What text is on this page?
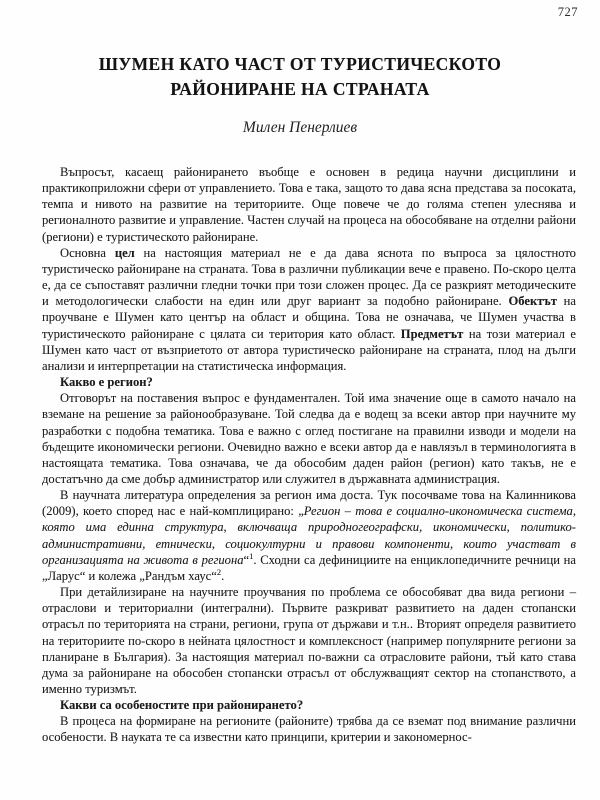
727
ШУМЕН КАТО ЧАСТ ОТ ТУРИСТИЧЕСКОТО РАЙОНИРАНЕ НА СТРАНАТА
Милен Пенерлиев

Въпросът, касаещ районирането въобще е основен в редица научни дисциплини и практикоприложни сфери от управлението. Това е така, защото то дава ясна представа за посоката, темпа и нивото на развитие на териториите. Още повече че до голяма степен улеснява и регионалното развитие и управление. Частен случай на процеса на обособяване на отделни райони (региони) е туристическото райониране.

Основна цел на настоящия материал не е да дава яснота по въпроса за цялостното туристическо райониране на страната. Това в различни публикации вече е правено. По-скоро целта е, да се съпоставят различни гледни точки при този сложен процес. Да се разкрият методическите и методологически слабости на един или друг вариант за подобно райониране. Обектът на проучване е Шумен като център на област и община. Това не означава, че Шумен участва в туристическото райониране с цялата си територия като област. Предметът на този материал е Шумен като част от възприетото от автора туристическо райониране на страната, плод на дълги анализи и интерпретации на статистическа информация.

Какво е регион?

Отговорът на поставения въпрос е фундаментален. Той има значение още в самото начало на вземане на решение за районообразуване. Той следва да е водещ за всеки автор при научните му разработки с подобна тематика. Това е важно с оглед постигане на правилни изводи и модели на бъдещите икономически региони. Очевидно важно е всеки автор да е навлязъл в терминологията в настоящата тематика. Това означава, че да обособим даден район (регион) като такъв, не е достатъчно да сме добър администратор или служител в държавната администрация.

В научната литература определения за регион има доста. Тук посочваме това на Калинникова (2009), което според нас е най-комплицирано: „Регион – това е социално-икономическа система, която има единна структура, включваща природногеографски, икономически, политико-административни, етнически, социокултурни и правови компоненти, които участват в организацията на живота в региона“$^1$. Сходни са дефинициите на енциклопедичните речници на „Ларус“ и колежа „Рандъм хаус“$^2$.

При детайлизиране на научните проучвания по проблема се обособяват два вида региони – отраслови и териториални (интегрални). Първите разкриват развитието на даден стопански отрасъл по територията на страни, региони, група от държави и т.н.. Вторият определя развитието на териториите по-скоро в нейната цялостност и комплексност (например популярните региони за планиране в България). За настоящия материал по-важни са отрасловите райони, тъй като става дума за райониране на обособен стопански отрасъл от обслужващият сектор на стопанството, а именно туризмът.

Какви са особеностите при районирането?

В процеса на формиране на регионите (районите) трябва да се вземат под внимание различни особености. В науката те са известни като принципи, критерии и закономернос-
